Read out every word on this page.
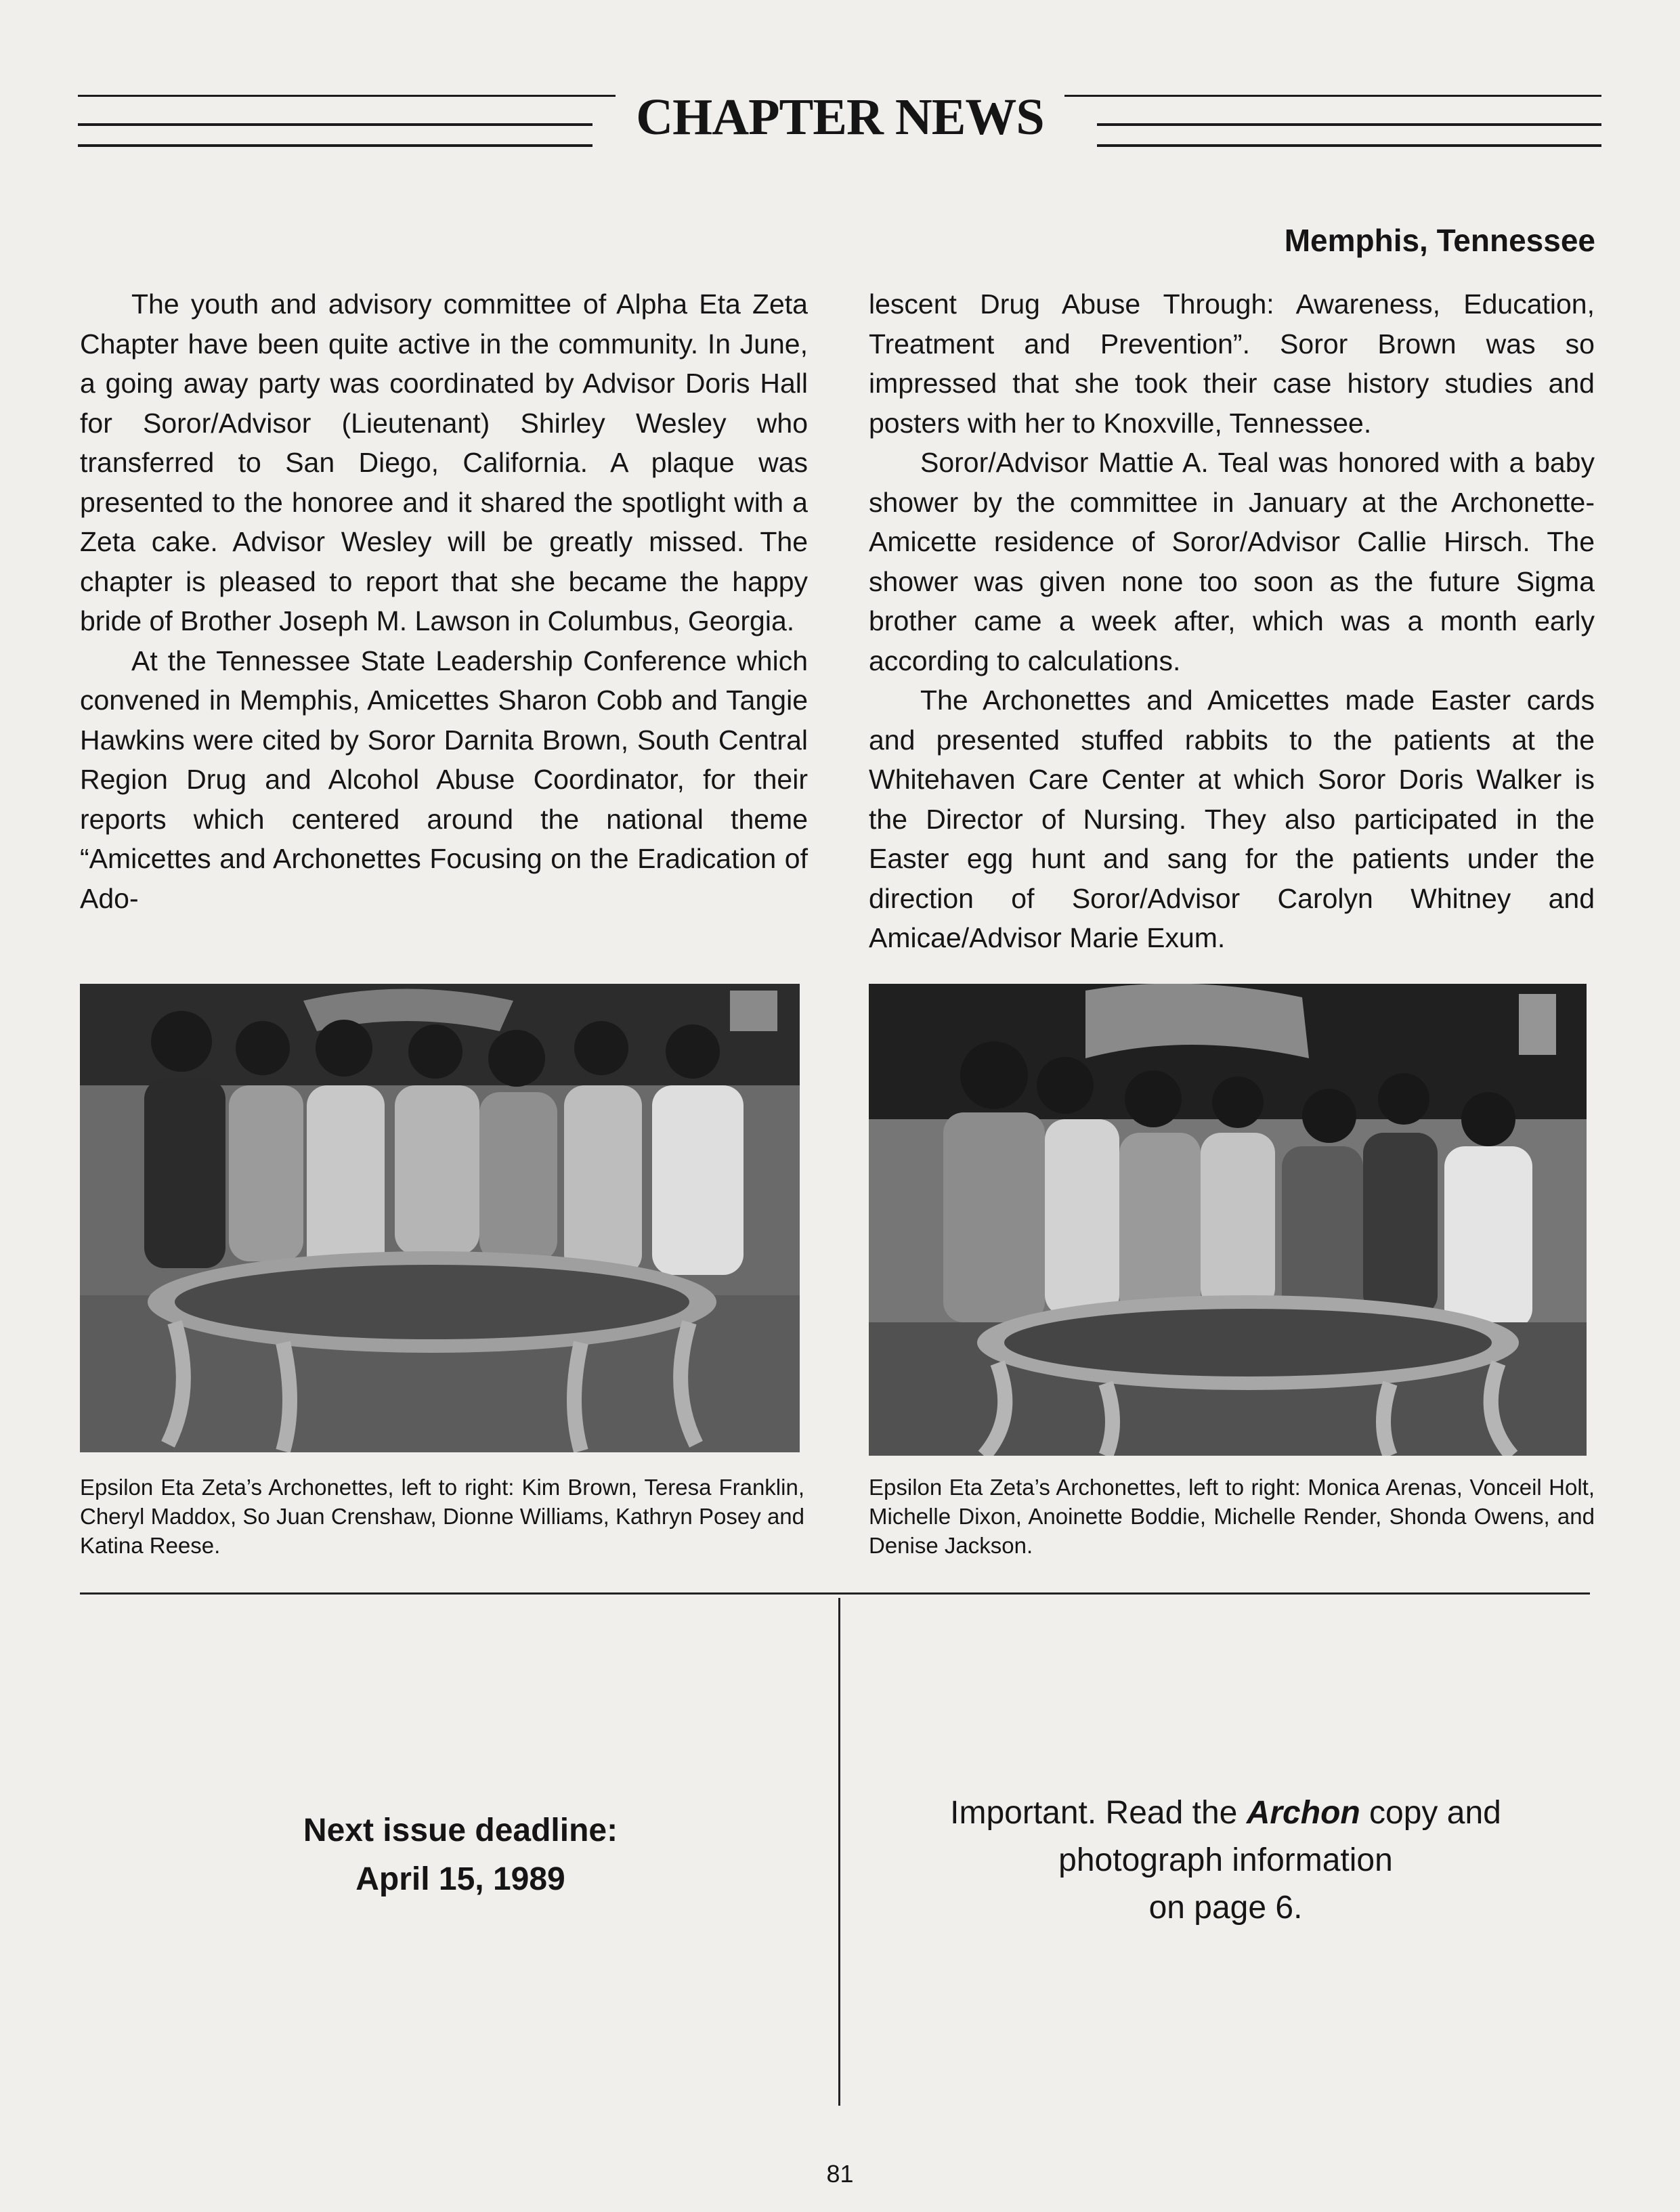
CHAPTER NEWS
Memphis, Tennessee

The youth and advisory committee of Alpha Eta Zeta Chapter have been quite active in the community. In June, a going away party was coordinated by Advisor Doris Hall for Soror/Advisor (Lieutenant) Shirley Wesley who transferred to San Diego, California. A plaque was presented to the honoree and it shared the spotlight with a Zeta cake. Advisor Wesley will be greatly missed. The chapter is pleased to report that she became the happy bride of Brother Joseph M. Lawson in Columbus, Georgia.

At the Tennessee State Leadership Conference which convened in Memphis, Amicettes Sharon Cobb and Tangie Hawkins were cited by Soror Darnita Brown, South Central Region Drug and Alcohol Abuse Coordinator, for their reports which centered around the national theme “Amicettes and Archonettes Focusing on the Eradication of Ado-

lescent Drug Abuse Through: Awareness, Education, Treatment and Prevention”. Soror Brown was so impressed that she took their case history studies and posters with her to Knoxville, Tennessee.

Soror/Advisor Mattie A. Teal was honored with a baby shower by the committee in January at the Archonette-Amicette residence of Soror/Advisor Callie Hirsch. The shower was given none too soon as the future Sigma brother came a week after, which was a month early according to calculations.

The Archonettes and Amicettes made Easter cards and presented stuffed rabbits to the patients at the Whitehaven Care Center at which Soror Doris Walker is the Director of Nursing. They also participated in the Easter egg hunt and sang for the patients under the direction of Soror/Advisor Carolyn Whitney and Amicae/Advisor Marie Exum.

Epsilon Eta Zeta’s Archonettes, left to right: Kim Brown, Teresa Franklin, Cheryl Maddox, So Juan Crenshaw, Dionne Williams, Kathryn Posey and Katina Reese.
Epsilon Eta Zeta’s Archonettes, left to right: Monica Arenas, Vonceil Holt, Michelle Dixon, Anoinette Boddie, Michelle Render, Shonda Owens, and Denise Jackson.
Next issue deadline:
April 15, 1989
Important. Read the Archon copy and
photograph information
on page 6.
81
